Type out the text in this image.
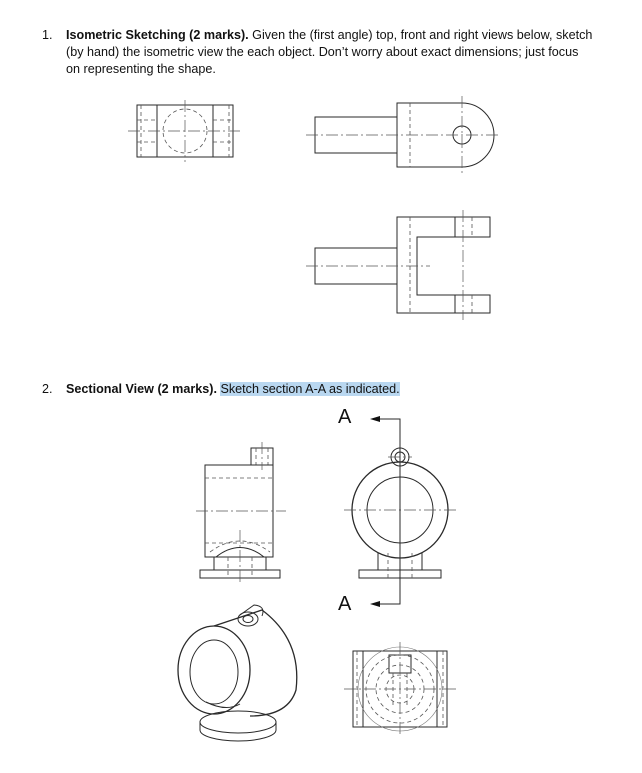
1. Isometric Sketching (2 marks). Given the (first angle) top, front and right views below, sketch
(by hand) the isometric view the each object. Don’t worry about exact dimensions; just focus
on representing the shape.
2. Sectional View (2 marks). Sketch section A-A as indicated.
A
A
